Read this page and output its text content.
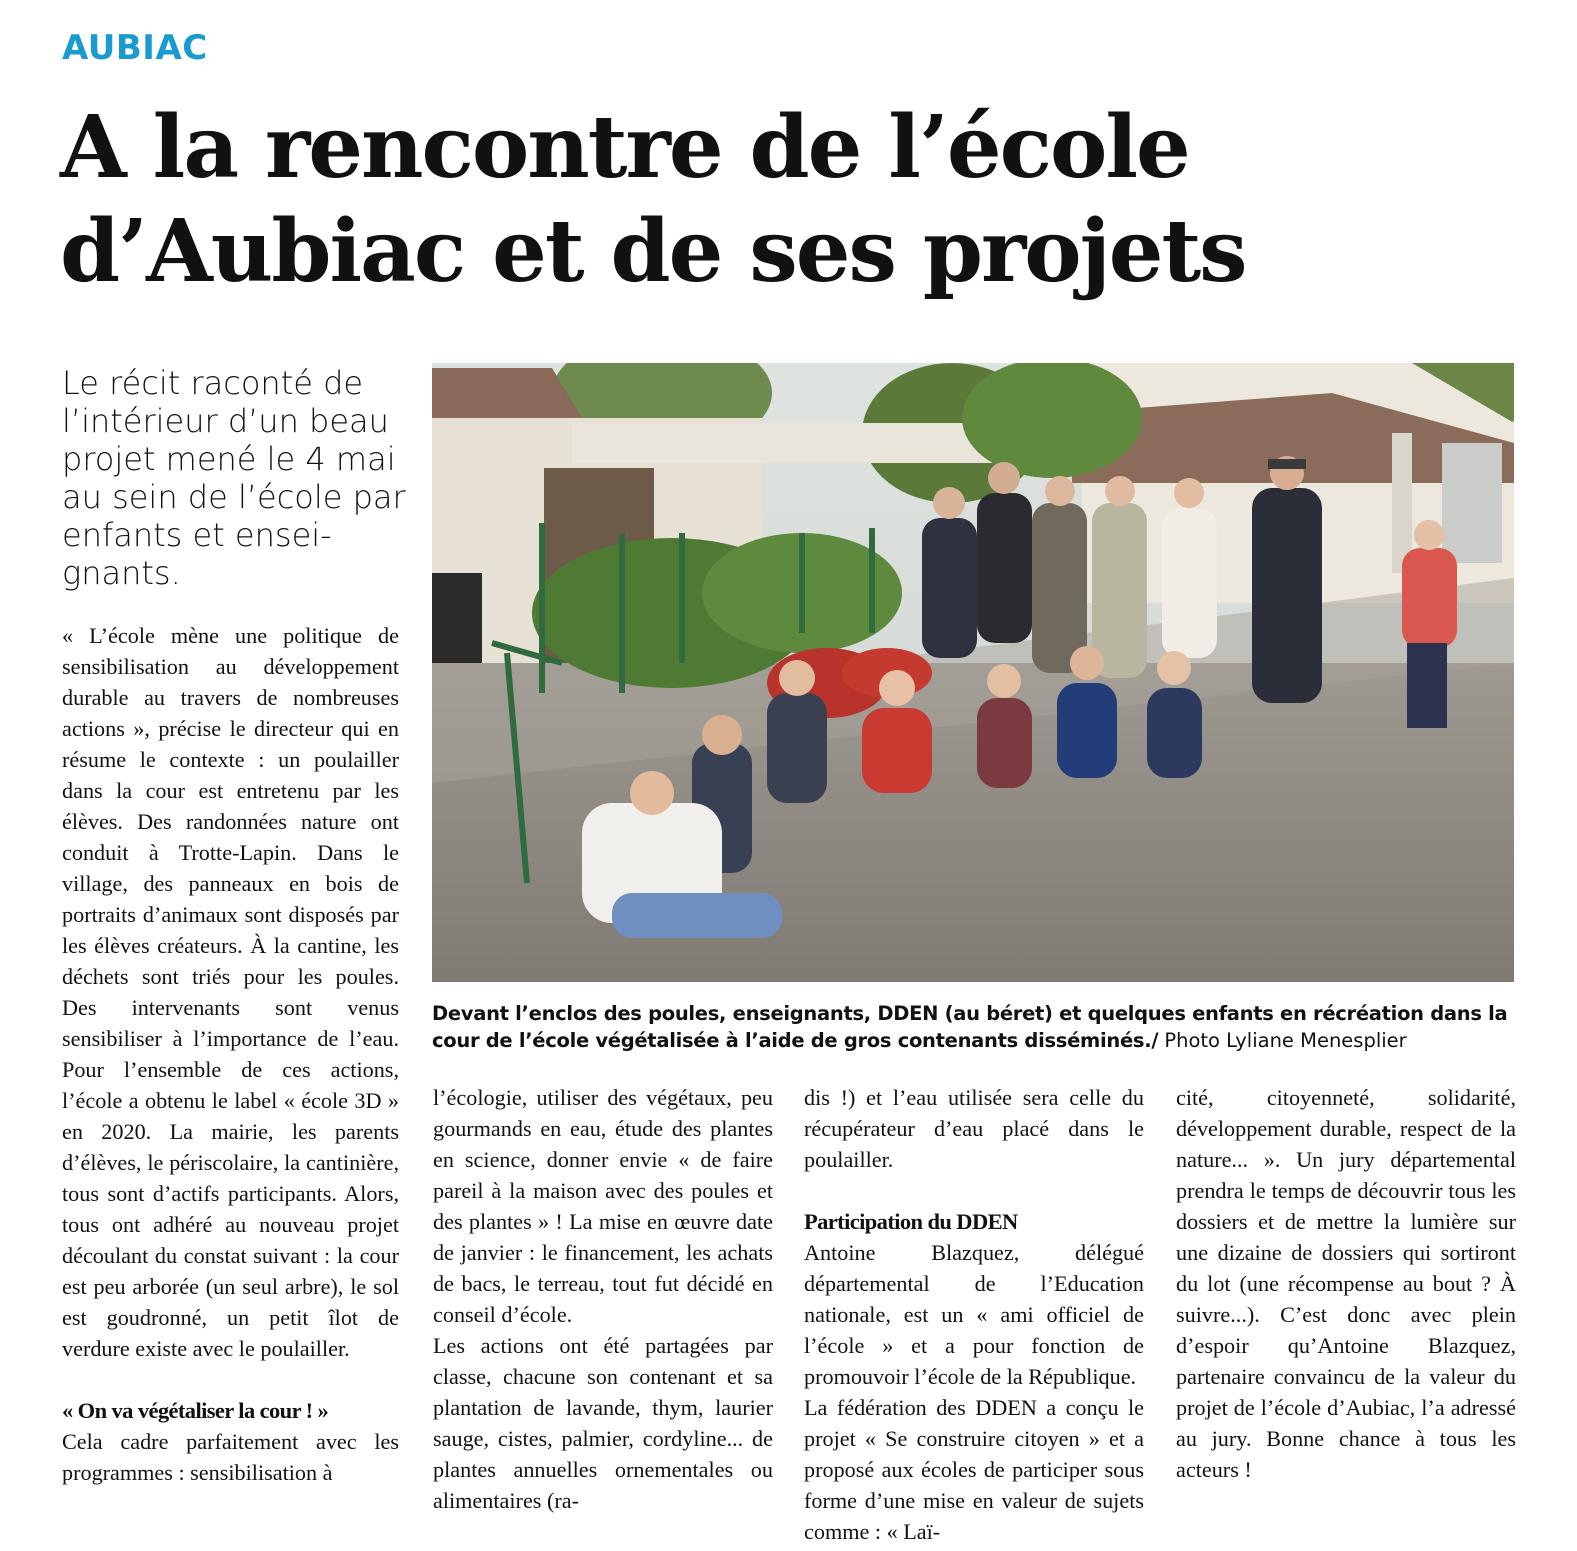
AUBIAC
A la rencontre de l’école
d’Aubiac et de ses projets
Le récit raconté de l’intérieur d’un beau projet mené le 4 mai au sein de l’école par enfants et ensei-gnants.

« L’école mène une politique de sensibilisation au développement durable au travers de nombreuses actions », précise le directeur qui en résume le contexte : un poulailler dans la cour est entretenu par les élèves. Des randonnées nature ont conduit à Trotte-Lapin. Dans le village, des panneaux en bois de portraits d’animaux sont disposés par les élèves créateurs. À la cantine, les déchets sont triés pour les poules. Des intervenants sont venus sensibiliser à l’importance de l’eau. Pour l’ensemble de ces actions, l’école a obtenu le label « école 3D » en 2020. La mairie, les parents d’élèves, le périscolaire, la cantinière, tous sont d’actifs participants. Alors, tous ont adhéré au nouveau projet découlant du constat suivant : la cour est peu arborée (un seul arbre), le sol est goudronné, un petit îlot de verdure existe avec le poulailler.

« On va végétaliser la cour ! »

Cela cadre parfaitement avec les programmes : sensibilisation à

Devant l’enclos des poules, enseignants, DDEN (au béret) et quelques enfants en récréation dans la cour de l’école végétalisée à l’aide de gros contenants disséminés./ Photo Lyliane Menesplier

l’écologie, utiliser des végétaux, peu gourmands en eau, étude des plantes en science, donner envie « de faire pareil à la maison avec des poules et des plantes » ! La mise en œuvre date de janvier : le financement, les achats de bacs, le terreau, tout fut décidé en conseil d’école.

Les actions ont été partagées par classe, chacune son contenant et sa plantation de lavande, thym, laurier sauge, cistes, palmier, cordyline... de plantes annuelles ornementales ou alimentaires (ra-

dis !) et l’eau utilisée sera celle du récupérateur d’eau placé dans le poulailler.

Participation du DDEN

Antoine Blazquez, délégué départemental de l’Education nationale, est un « ami officiel de l’école » et a pour fonction de promouvoir l’école de la République.

La fédération des DDEN a conçu le projet « Se construire citoyen » et a proposé aux écoles de participer sous forme d’une mise en valeur de sujets comme : « Laï-

cité, citoyenneté, solidarité, développement durable, respect de la nature... ». Un jury départemental prendra le temps de découvrir tous les dossiers et de mettre la lumière sur une dizaine de dossiers qui sortiront du lot (une récompense au bout ? À suivre...). C’est donc avec plein d’espoir qu’Antoine Blazquez, partenaire convaincu de la valeur du projet de l’école d’Aubiac, l’a adressé au jury. Bonne chance à tous les acteurs !
